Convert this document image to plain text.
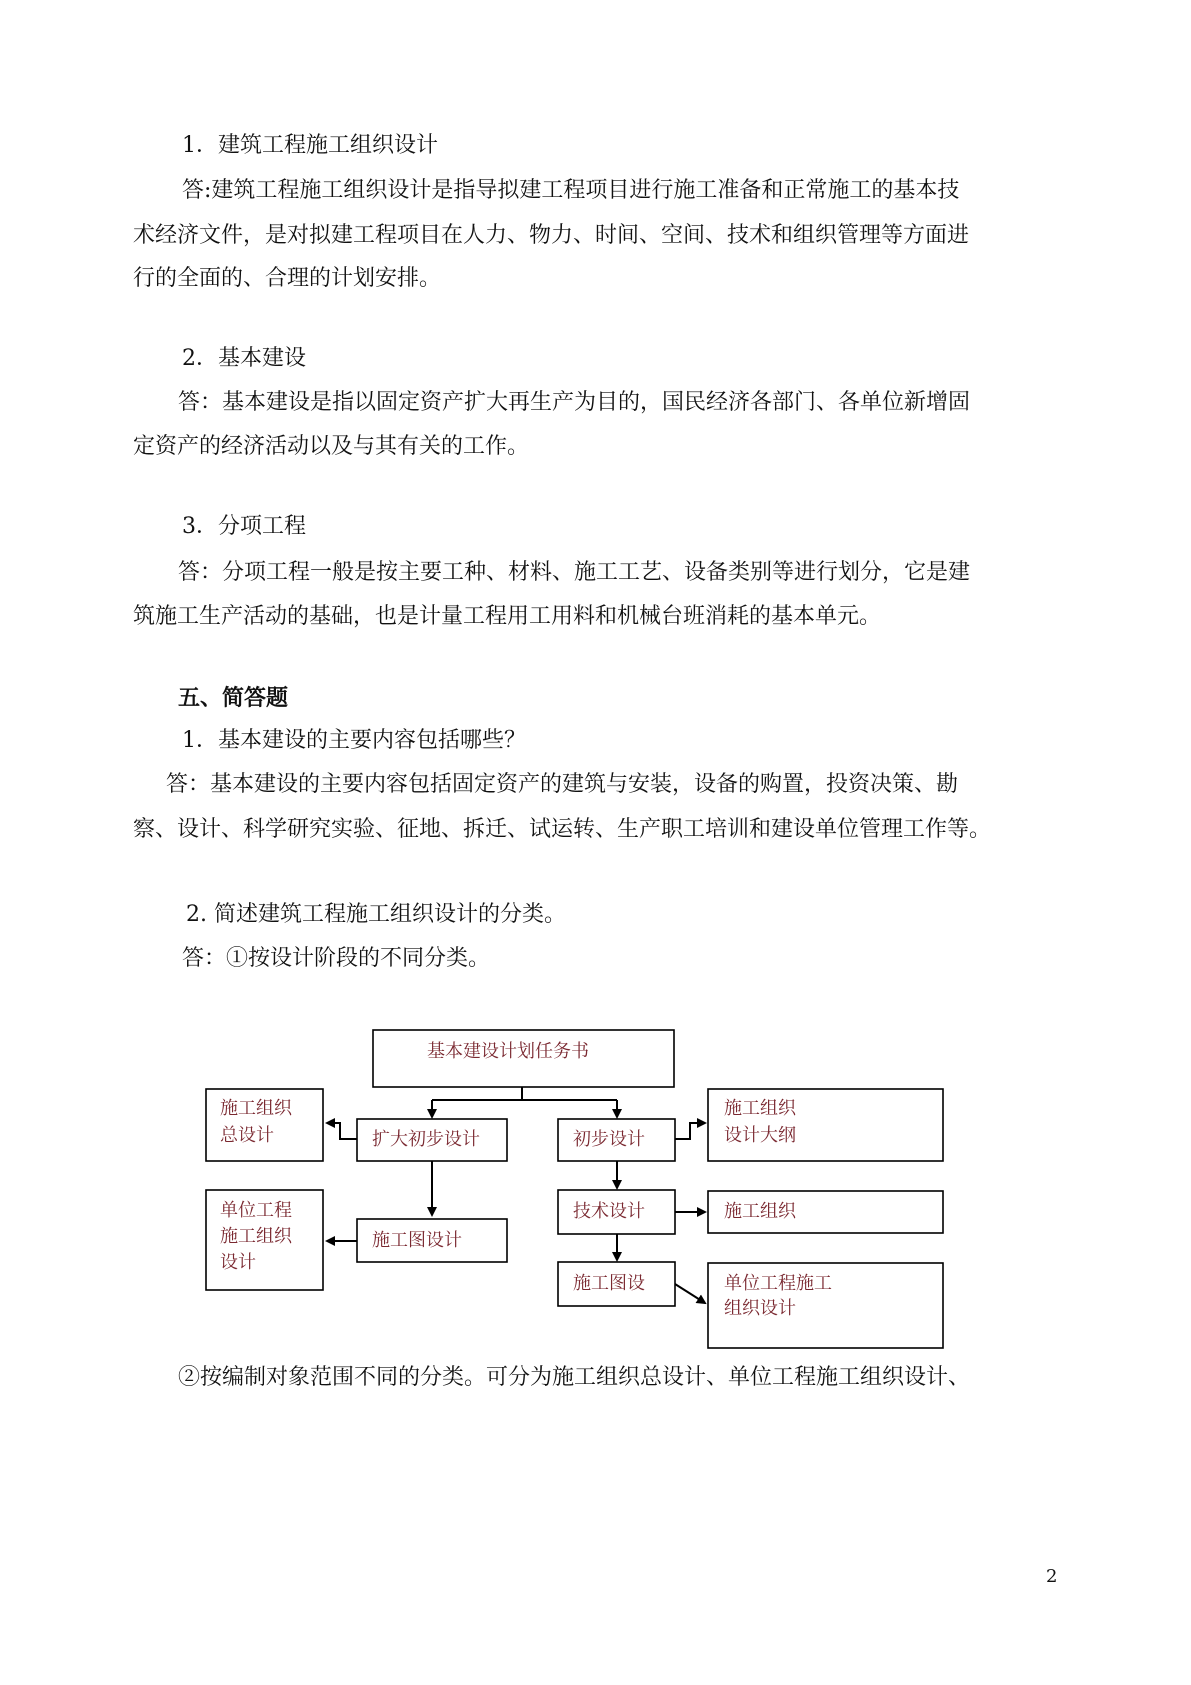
1．建筑工程施工组织设计
答:建筑工程施工组织设计是指导拟建工程项目进行施工准备和正常施工的基本技
术经济文件，是对拟建工程项目在人力、物力、时间、空间、技术和组织管理等方面进
行的全面的、合理的计划安排。
2．基本建设
答：基本建设是指以固定资产扩大再生产为目的，国民经济各部门、各单位新增固
定资产的经济活动以及与其有关的工作。
3．分项工程
答：分项工程一般是按主要工种、材料、施工工艺、设备类别等进行划分，它是建
筑施工生产活动的基础，也是计量工程用工用料和机械台班消耗的基本单元。
五、简答题
1．基本建设的主要内容包括哪些？
答：基本建设的主要内容包括固定资产的建筑与安装，设备的购置，投资决策、勘
察、设计、科学研究实验、征地、拆迁、试运转、生产职工培训和建设单位管理工作等。
2. 简述建筑工程施工组织设计的分类。
答：①按设计阶段的不同分类。
基本建设计划任务书
施工组织
总设计
单位工程
施工组织
设计
扩大初步设计
施工图设计
初步设计
技术设计
施工图设
施工组织
设计大纲
施工组织
单位工程施工
组织设计
②按编制对象范围不同的分类。可分为施工组织总设计、单位工程施工组织设计、
2
